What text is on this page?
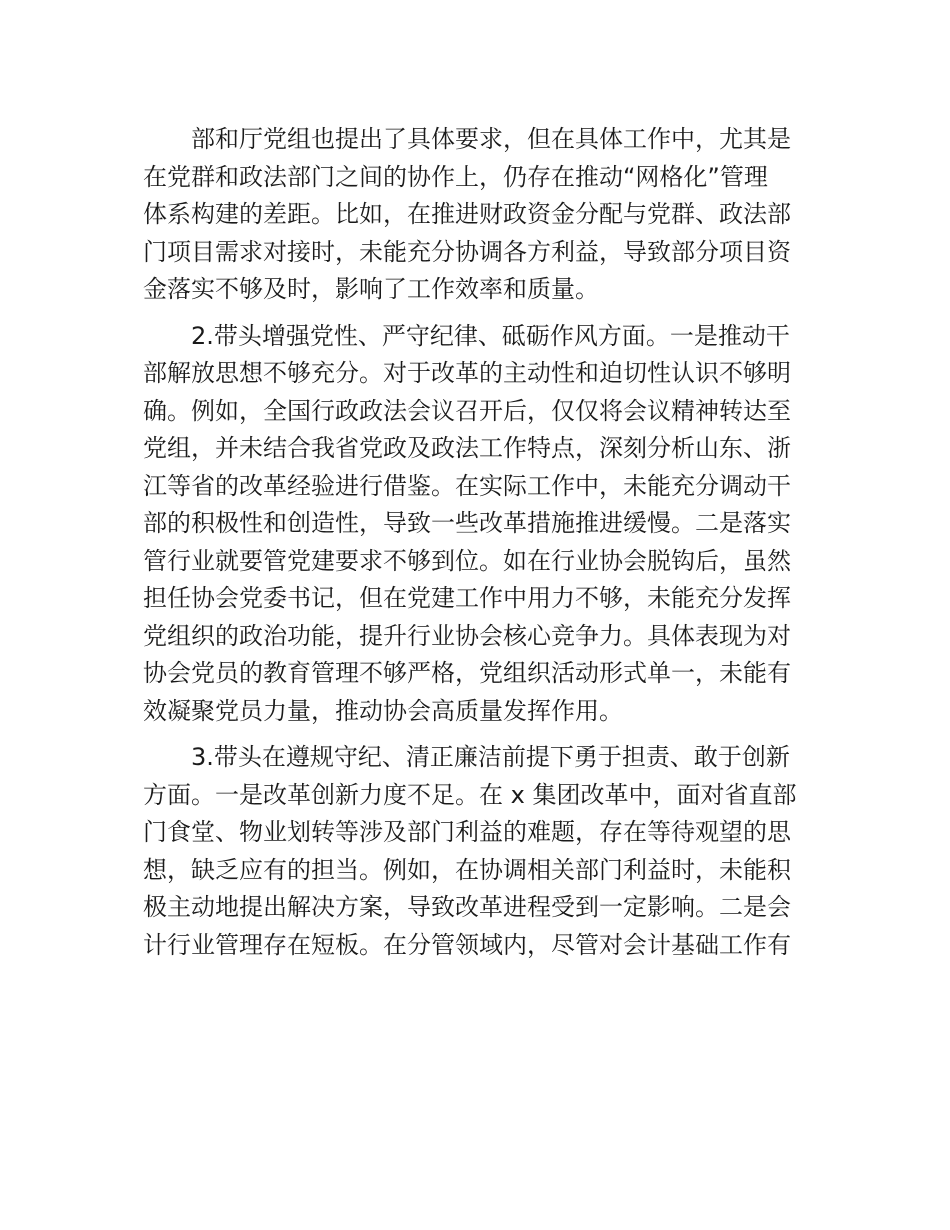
　　部和厅党组也提出了具体要求，但在具体工作中，尤其是
在党群和政法部门之间的协作上，仍存在推动“网格化”管理
体系构建的差距。比如，在推进财政资金分配与党群、政法部
门项目需求对接时，未能充分协调各方利益，导致部分项目资
金落实不够及时，影响了工作效率和质量。
　　2.带头增强党性、严守纪律、砥砺作风方面。一是推动干
部解放思想不够充分。对于改革的主动性和迫切性认识不够明
确。例如，全国行政政法会议召开后，仅仅将会议精神转达至
党组，并未结合我省党政及政法工作特点，深刻分析山东、浙
江等省的改革经验进行借鉴。在实际工作中，未能充分调动干
部的积极性和创造性，导致一些改革措施推进缓慢。二是落实
管行业就要管党建要求不够到位。如在行业协会脱钩后，虽然
担任协会党委书记，但在党建工作中用力不够，未能充分发挥
党组织的政治功能，提升行业协会核心竞争力。具体表现为对
协会党员的教育管理不够严格，党组织活动形式单一，未能有
效凝聚党员力量，推动协会高质量发挥作用。
　　3.带头在遵规守纪、清正廉洁前提下勇于担责、敢于创新
方面。一是改革创新力度不足。在 x 集团改革中，面对省直部
门食堂、物业划转等涉及部门利益的难题，存在等待观望的思
想，缺乏应有的担当。例如，在协调相关部门利益时，未能积
极主动地提出解决方案，导致改革进程受到一定影响。二是会
计行业管理存在短板。在分管领域内，尽管对会计基础工作有
